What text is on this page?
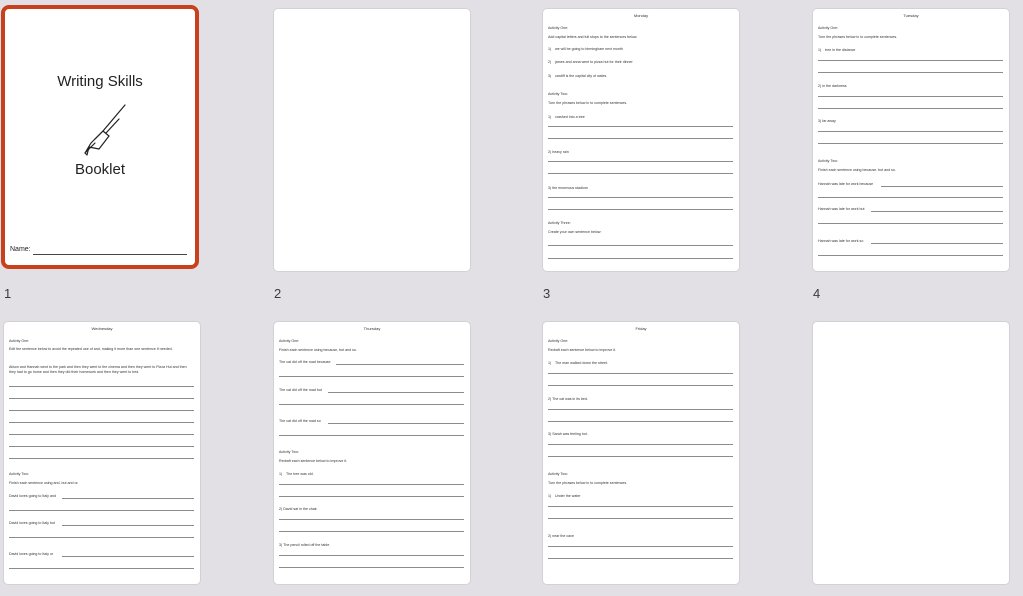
Writing Skills
Booklet
Name:
1	2
Monday
Activity One:
Add capital letters and full stops to the sentences below.
1) we will be going to birmingham next month
2) james and anna went to pizza hut for their dinner
3) cardiff is the capital city of wales
Activity Two:
Turn the phrases below in to complete sentences.
1) crashed into a tree
2) heavy rain
3) the enormous stadium
Activity Three:
Create your own sentence below:
3
Tuesday
Activity One:
Turn the phrases below in to complete sentences.
1) tree in the distance
2) in the darkness
3) far away
Activity Two:
Finish each sentence using because, but and so.
Hannah was late for work because
Hannah was late for work but
Hannah was late for work so
4
Wednesday
Activity One:
Edit the sentence below to avoid the repeated use of and, making it more than one sentence if needed.
Alison and Hannah went to the park and then they went to the cinema and then they went to Pizza Hut and then they had to go home and then they did their homework and then they went to bed.
Activity Two:
Finish each sentence using and, but and or.
David loves going to Italy and
David loves going to Italy but
David loves going to Italy or
Thursday
Activity One:
Finish each sentence using because, but and so.
The cat did off the road because
The cat did off the road but
The cat did off the road so
Activity Two:
Redraft each sentence below to improve it.
1) The tree was old.
2) David sat in the chair.
3) The pencil rolled off the table.
Friday
Activity One:
Redraft each sentence below to improve it.
1) The man walked down the street.
2) The cat was in its bed.
3) Sarah was feeling hot.
Activity Two:
Turn the phrases below in to complete sentences.
1) Under the water
2) near the cave
